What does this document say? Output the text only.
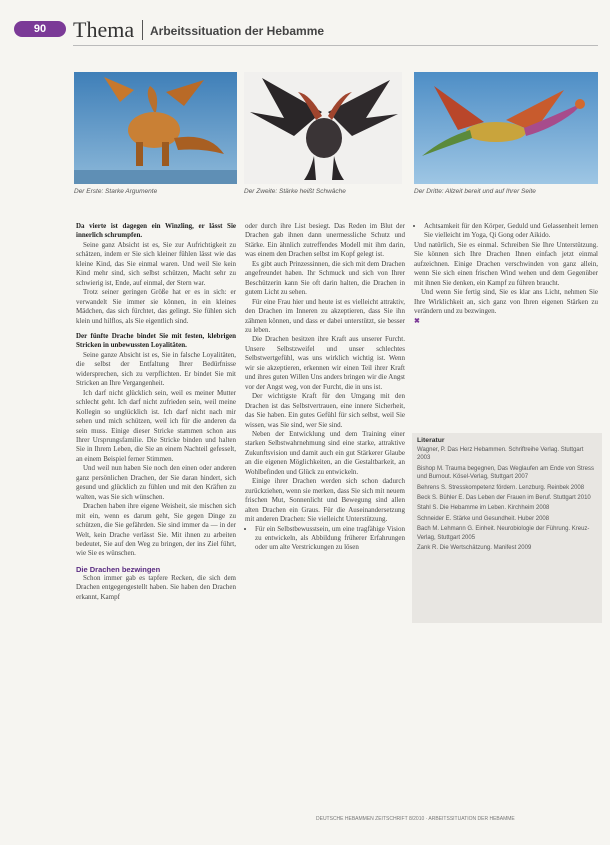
90	Thema Arbeitssituation der Hebamme
Der Erste: Starke Argumente	Der Zweite: Stärke heißt Schwäche	Der Dritte: Allzeit bereit und auf Ihrer Seite

Da vierte ist dagegen ein Winzling, er lässt Sie innerlich schrumpfen.

Seine ganz Absicht ist es, Sie zur Aufrichtigkeit zu schätzen, indem er Sie sich kleiner fühlen lässt wie das kleine Kind, das Sie einmal waren. Und weil Sie kein Kind mehr sind, sich selbst schützen, Macht sehr zu schwierig ist, Ende, auf einmal, der Stern war.

Trotz seiner geringen Größe hat er es in sich: er verwandelt Sie immer sie können, in ein kleines Mädchen, das sich fürchtet, das gelingt. Sie fühlen sich klein und hilflos, als Sie eigentlich sind.

Der fünfte Drache bindet Sie mit festen, klebrigen Stricken in unbewussten Loyalitäten.

Seine ganze Absicht ist es, Sie in falsche Loyalitäten, die selbst der Entfaltung Ihrer Bedürfnisse widersprechen, sich zu verpflichten. Er bindet Sie mit Stricken an Ihre Vergangenheit.

Ich darf nicht glücklich sein, weil es meiner Mutter schlecht geht. Ich darf nicht zufrieden sein, weil meine Kollegin so unglücklich ist. Ich darf nicht nach mir sehen und mich schützen, weil ich für die anderen da sein muss. Einige dieser Stricke stammen schon aus Ihrer Ursprungsfamilie. Die Stricke binden und halten Sie in Ihrem Leben, die Sie an einem Nachteil gefesselt, an einem Beispiel ferner Stimmen.

Und weil nun haben Sie noch den einen oder anderen ganz persönlichen Drachen, der Sie daran hindert, sich gesund und glücklich zu fühlen und mit den Kräften zu walten, was Sie sich wünschen.

Drachen haben ihre eigene Weisheit, sie mischen sich mit ein, wenn es darum geht, Sie gegen Dinge zu schützen, die Sie gefährden. Sie sind immer da — in der Welt, kein Drache verlässt Sie. Mit ihnen zu arbeiten bedeutet, Sie auf den Weg zu bringen, der ins Ziel führt, wie Sie es wünschen.

Die Drachen bezwingen

Schon immer gab es tapfere Recken, die sich dem Drachen entgegengestellt haben. Sie haben den Drachen erkannt, Kampf

oder durch ihre List besiegt. Das Reden im Blut der Drachen gab ihnen dann unermessliche Schutz und Stärke. Ein ähnlich zutreffendes Modell mit ihm darin, was einem den Drachen selbst im Kopf gelegt ist.

Es gibt auch Prinzessinnen, die sich mit dem Drachen angefreundet haben. Ihr Schmuck und sich von Ihrer Beschützerin kann Sie oft darin halten, die Drachen in gutem Licht zu sehen.

Für eine Frau hier und heute ist es vielleicht attraktiv, den Drachen im Inneren zu akzeptieren, dass Sie ihn zähmen können, und dass er dabei unterstützt, sie besser zu leben.

Die Drachen besitzen ihre Kraft aus unserer Furcht. Unsere Selbstzweifel und unser schlechtes Selbstwertgefühl, was uns wirklich wichtig ist. Wenn wir sie akzeptieren, erkennen wir einen Teil ihrer Kraft und ihres guten Willen Uns anders bringen wir die Angst vor der Angst weg, von der Furcht, die in uns ist.

Der wichtigste Kraft für den Umgang mit den Drachen ist das Selbstvertrauen, eine innere Sicherheit, das Sie haben. Ein gutes Gefühl für sich selbst, weil Sie wissen, was Sie sind, wer Sie sind.

Neben der Entwicklung und dem Training einer starken Selbstwahrnehmung sind eine starke, attraktive Zukunftsvision und damit auch ein gut Stärkerer Glaube an die eigenen Möglichkeiten, an die Gestaltbarkeit, an Wohlbefinden und Glück zu entwickeln.

Einige ihrer Drachen werden sich schon dadurch zurückziehen, wenn sie merken, dass Sie sich mit neuem frischen Mut, Sonnenlicht und Bewegung sind allen alten Drachen ein Graus. Für die Auseinandersetzung mit anderen Drachen: Sie vielleicht Unterstützung.

• Für ein Selbstbewusstsein, um eine tragfähige Vision zu entwickeln, als Abbildung früherer Erfahrungen oder um alte Verstrickungen zu lösen
• Achtsamkeit für den Körper, Geduld und Gelassenheit lernen Sie vielleicht im Yoga, Qi Gong oder Aikido.

Und natürlich, Sie es einmal. Schreiben Sie Ihre Unterstützung. Sie können sich Ihre Drachen Ihnen einfach jetzt einmal aufzeichnen. Einige Drachen verschwinden von ganz allein, wenn Sie sich einen frischen Wind wehen und dem Gegenüber mit ihnen Sie denken, ein Kampf zu führen braucht.

Und wenn Sie fertig sind, Sie es klar ans Licht, nehmen Sie Ihre Wirklichkeit an, sich ganz von Ihren eigenen Stärken zu verändern und zu bezwingen.

✖
Literatur
Wagner, P. Das Herz Hebammen. Schriftreihe Verlag. Stuttgart 2003
Bishop M. Trauma begegnen, Das Weglaufen am Ende von Stress und Burnout. Kösel-Verlag, Stuttgart 2007
Behrens S. Stresskompetenz fördern. Lenzburg. Reinbek 2008
Beck S. Bühler E. Das Leben der Frauen im Beruf. Stuttgart 2010
Stahl S. Die Hebamme im Leben. Kirchheim 2008
Schneider E. Stärke und Gesundheit. Huber 2008
Bach M. Lehmann G. Einheit. Neurobiologie der Führung. Kreuz-Verlag, Stuttgart 2005
Zank R. Die Wertschätzung. Manifest 2009
DEUTSCHE HEBAMMEN ZEITSCHRIFT 8/2010 · ARBEITSSITUATION DER HEBAMME
